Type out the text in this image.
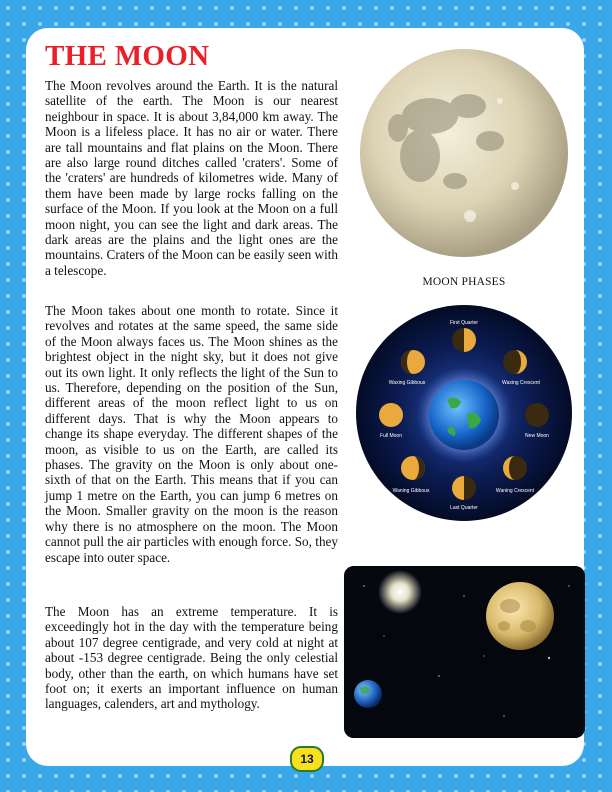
THE MOON

The Moon revolves around the Earth. It is the natural satellite of the earth. The Moon is our nearest neighbour in space. It is about 3,84,000 km away. The Moon is a lifeless place. It has no air or water. There are tall mountains and flat plains on the Moon. There are also large round ditches called 'craters'. Some of the 'craters' are hundreds of kilometres wide. Many of them have been made by large rocks falling on the surface of the Moon. If you look at the Moon on a full moon night, you can see the light and dark areas. The dark areas are the plains and the light ones are the mountains. Craters of the Moon can be easily seen with a telescope.

The Moon takes about one month to rotate. Since it revolves and rotates at the same speed, the same side of the Moon always faces us. The Moon shines as the brightest object in the night sky, but it does not give out its own light. It only reflects the light of the Sun to us. Therefore, depending on the position of the Sun, different areas of the moon reflect light to us on different days. That is why the Moon appears to change its shape everyday. The different shapes of the moon, as visible to us on the Earth, are called its phases. The gravity on the Moon is only about one-sixth of that on the Earth. This means that if you can jump 1 metre on the Earth, you can jump 6 metres on the Moon. Smaller gravity on the moon is the reason why there is no atmosphere on the moon. The Moon cannot pull the air particles with enough force. So, they escape into outer space.

The Moon has an extreme temperature. It is exceedingly hot in the day with the temperature being about 107 degree centigrade, and very cold at night at about -153 degree centigrade. Being the only celestial body, other than the earth, on which humans have set foot on; it exerts an important influence on human languages, calenders, art and mythology.

MOON PHASES
First Quarter
Waxing Crescent
New Moon
Waning Crescent
Last Quarter
Waning Gibbous
Full Moon
Waxing Gibbous
13
